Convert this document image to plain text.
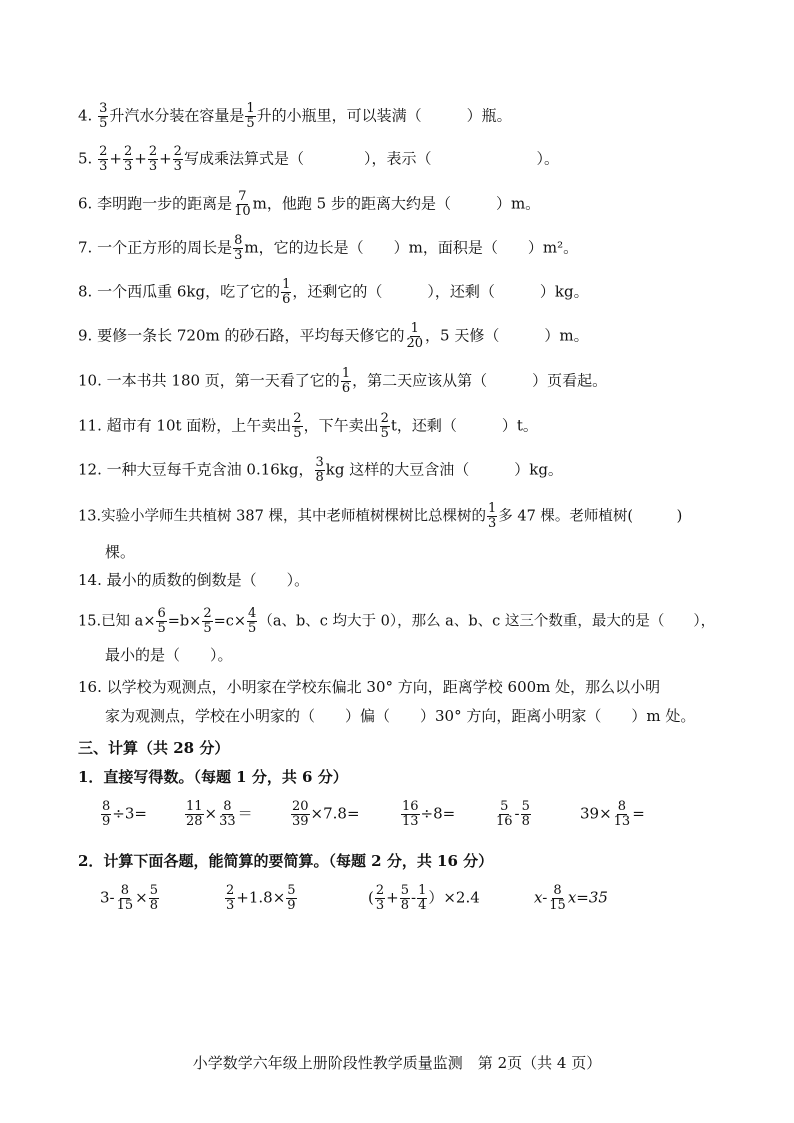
4. $\frac{3}{5}$ 升汽水分装在容量是 $\frac{1}{5}$ 升的小瓶里，可以装满（　　　）瓶。
5. $\frac{2}{3} + \frac{2}{3} + \frac{2}{3} + \frac{2}{3}$ 写成乘法算式是（　　　　），表示（　　　　　　　）。
6. 李明跑一步的距离是 $\frac{7}{10}$ m，他跑 5 步的距离大约是（　　　）m。
7. 一个正方形的周长是 $\frac{8}{3}$ m，它的边长是（　　）m，面积是（　　）m²。
8. 一个西瓜重 6kg，吃了它的 $\frac{1}{6}$ ，还剩它的（　　　），还剩（　　　）kg。
9. 要修一条长 720m 的砂石路，平均每天修它的 $\frac{1}{20}$ ，5 天修（　　　）m。
10. 一本书共 180 页，第一天看了它的 $\frac{1}{6}$ ，第二天应该从第（　　　）页看起。
11. 超市有 10t 面粉，上午卖出 $\frac{2}{5}$ ，下午卖出 $\frac{2}{5}$ t，还剩（　　　）t。
12. 一种大豆每千克含油 0.16kg， $\frac{3}{8}$ kg 这样的大豆含油（　　　）kg。
13.实验小学师生共植树 387 棵，其中老师植树棵树比总棵树的 $\frac{1}{3}$ 多 47 棵。老师植树(　　　)
棵。
14. 最小的质数的倒数是（　　）。
15.已知 $a\times \frac{6}{5} =b\times \frac{2}{5} =c\times \frac{4}{5} (a$、b、c 均大于 0），那么 a、b、c 这三个数重，最大的是（　　），
最小的是（　　）。
16. 以学校为观测点，小明家在学校东偏北 30° 方向，距离学校 600m 处，那么以小明
家为观测点，学校在小明家的（　　）偏（　　）30° 方向，距离小明家（　　）m 处。
三、计算（共 28 分）
1．直接写得数。（每题 1 分，共 6 分）
$\frac{8}{9} \div 3=$	$\frac{11}{28} \times \frac{8}{33}$ ＝	$\frac{20}{39} \times 7.8=$	$\frac{16}{13} \div 8=$	$\frac{5}{16} - \frac{5}{8}$	$39\times \frac{8}{13}$ =
2．计算下面各题，能简算的要简算。（每题 2 分，共 16 分）
$3- \frac{8}{15} \times \frac{5}{8}$	$\frac{2}{3} +1.8\times \frac{5}{9}$	( $\frac{2}{3} + \frac{5}{8} - \frac{1}{4} )\times 2.4$	$x- \frac{8}{15} x=35$
小学数学六年级上册阶段性教学质量监测　第 2页（共 4 页）
